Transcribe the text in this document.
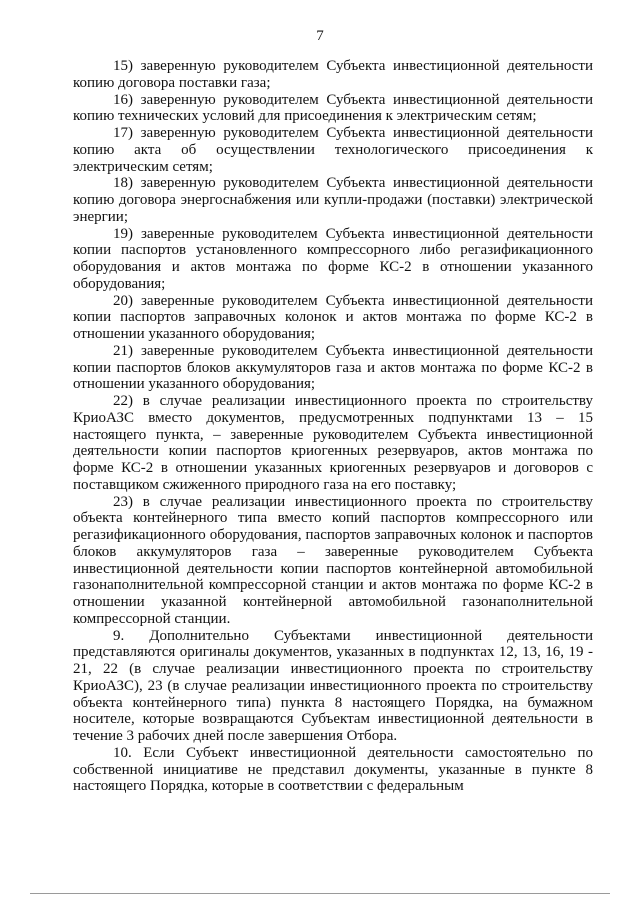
7

15) заверенную руководителем Субъекта инвестиционной деятельности копию договора поставки газа;

16) заверенную руководителем Субъекта инвестиционной деятельности копию технических условий для присоединения к электрическим сетям;

17) заверенную руководителем Субъекта инвестиционной деятельности копию акта об осуществлении технологического присоединения к электрическим сетям;

18) заверенную руководителем Субъекта инвестиционной деятельности копию договора энергоснабжения или купли-продажи (поставки) электрической энергии;

19) заверенные руководителем Субъекта инвестиционной деятельности копии паспортов установленного компрессорного либо регазификационного оборудования и актов монтажа по форме КС-2 в отношении указанного оборудования;

20) заверенные руководителем Субъекта инвестиционной деятельности копии паспортов заправочных колонок и актов монтажа по форме КС-2 в отношении указанного оборудования;

21) заверенные руководителем Субъекта инвестиционной деятельности копии паспортов блоков аккумуляторов газа и актов монтажа по форме КС-2 в отношении указанного оборудования;

22) в случае реализации инвестиционного проекта по строительству КриоАЗС вместо документов, предусмотренных подпунктами 13 – 15 настоящего пункта, – заверенные руководителем Субъекта инвестиционной деятельности копии паспортов криогенных резервуаров, актов монтажа по форме КС-2 в отношении указанных криогенных резервуаров и договоров с поставщиком сжиженного природного газа на его поставку;

23) в случае реализации инвестиционного проекта по строительству объекта контейнерного типа вместо копий паспортов компрессорного или регазификационного оборудования, паспортов заправочных колонок и паспортов блоков аккумуляторов газа – заверенные руководителем Субъекта инвестиционной деятельности копии паспортов контейнерной автомобильной газонаполнительной компрессорной станции и актов монтажа по форме КС-2 в отношении указанной контейнерной автомобильной газонаполнительной компрессорной станции.

9. Дополнительно Субъектами инвестиционной деятельности представляются оригиналы документов, указанных в подпунктах 12, 13, 16, 19 - 21, 22 (в случае реализации инвестиционного проекта по строительству КриоАЗС), 23 (в случае реализации инвестиционного проекта по строительству объекта контейнерного типа) пункта 8 настоящего Порядка, на бумажном носителе, которые возвращаются Субъектам инвестиционной деятельности в течение 3 рабочих дней после завершения Отбора.

10. Если Субъект инвестиционной деятельности самостоятельно по собственной инициативе не представил документы, указанные в пункте 8 настоящего Порядка, которые в соответствии с федеральным
